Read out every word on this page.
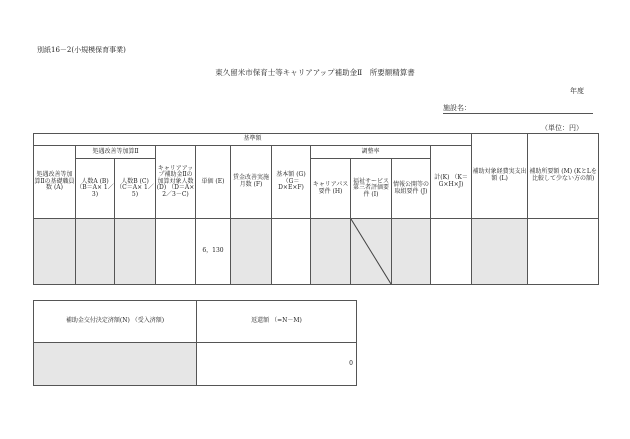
別紙16－2(小規模保育事業)
東久留米市保育士等キャリアアップ補助金Ⅱ　所要額精算書
年度
施設名：
（単位：円）
基準額											補助対象経費実支出額 (L)	補助所要額 (M) (KとLを比較して少ない方の額)
処遇改善等加算Ⅱの基礎職員数 (A)	処遇改善等加算Ⅱ		キャリアアップ補助金Ⅱの加算対象人数(D) （D＝A× 2／3－C)	単価 (E)	賃金改善実施月数 (F)	基本額 (G) （G＝D×E×F)	調整率			計(K) （K＝G×H×J)		
	人数A (B) （B＝A× 1／3)	人数B (C) （C＝A× 1／5)					キャリアパス要件 (H)	福祉サービス第三者評価要件 (I)	情報公開等の取組要件 (J)			
				6，130				

補助金交付決定済額(N) （受入済額)	返還額 （=N－M)
	0
